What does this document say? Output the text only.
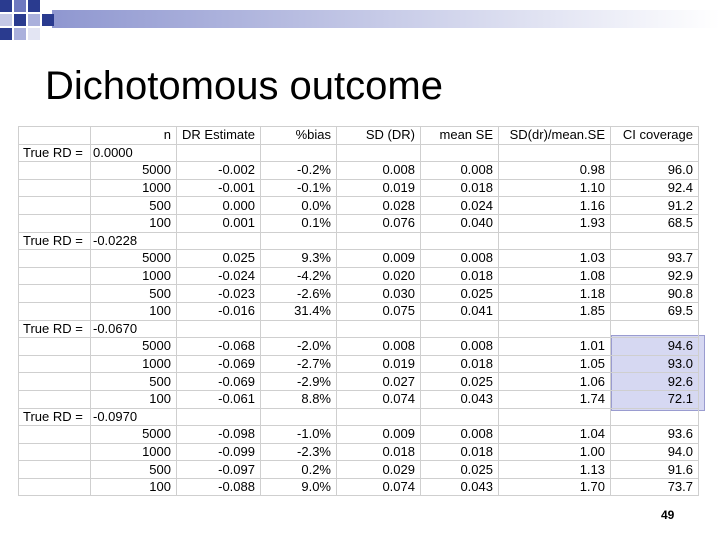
Dichotomous outcome
	n	DR Estimate	%bias	SD (DR)	mean SE	SD(dr)/mean.SE	CI coverage
True RD =	0.0000						
	5000	-0.002	-0.2%	0.008	0.008	0.98	96.0
	1000	-0.001	-0.1%	0.019	0.018	1.10	92.4
	500	0.000	0.0%	0.028	0.024	1.16	91.2
	100	0.001	0.1%	0.076	0.040	1.93	68.5
True RD =	-0.0228						
	5000	0.025	9.3%	0.009	0.008	1.03	93.7
	1000	-0.024	-4.2%	0.020	0.018	1.08	92.9
	500	-0.023	-2.6%	0.030	0.025	1.18	90.8
	100	-0.016	31.4%	0.075	0.041	1.85	69.5
True RD =	-0.0670						
	5000	-0.068	-2.0%	0.008	0.008	1.01	94.6
	1000	-0.069	-2.7%	0.019	0.018	1.05	93.0
	500	-0.069	-2.9%	0.027	0.025	1.06	92.6
	100	-0.061	8.8%	0.074	0.043	1.74	72.1
True RD =	-0.0970						
	5000	-0.098	-1.0%	0.009	0.008	1.04	93.6
	1000	-0.099	-2.3%	0.018	0.018	1.00	94.0
	500	-0.097	0.2%	0.029	0.025	1.13	91.6
	100	-0.088	9.0%	0.074	0.043	1.70	73.7
49
